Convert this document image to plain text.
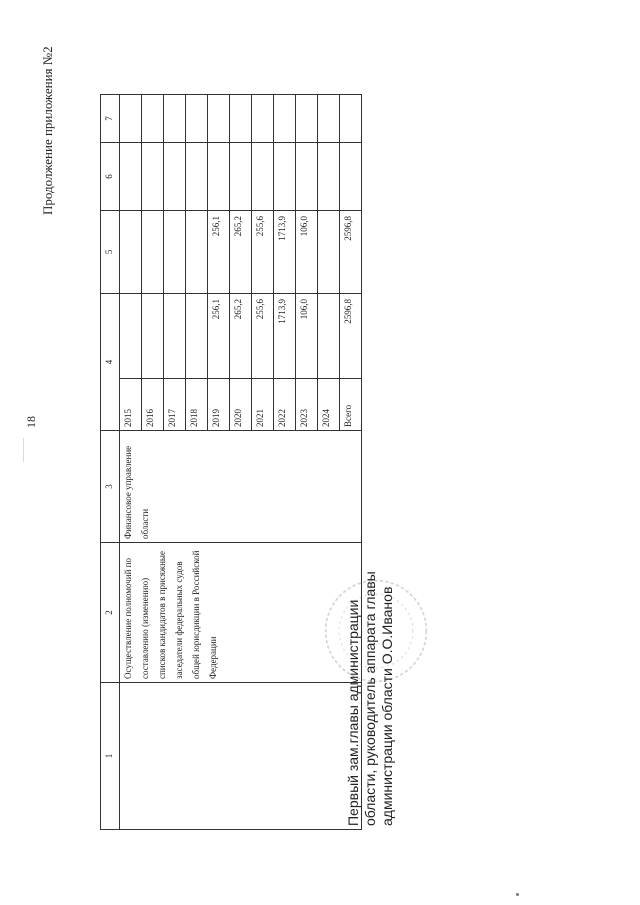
———
18
Продолжение приложения №2
1	2	3	4		5	6	7	
	Осуществление полномочий по составлению (изменению) списков кандидатов в присяжные заседатели федеральных судов общей юрисдикции в Российской Федерации	Финансовое управление области	2015					
			2016					
			2017					
			2018					
			2019	256,1	256,1			
			2020	265,2	265,2			
			2021	255,6	255,6			
			2022	1713,9	1713,9			
			2023	106,0	106,0			
			2024					
			Всего	2596,8	2596,8			
Первый зам.главы администрации области, руководитель аппарата главы администрации области О.О.Иванов
